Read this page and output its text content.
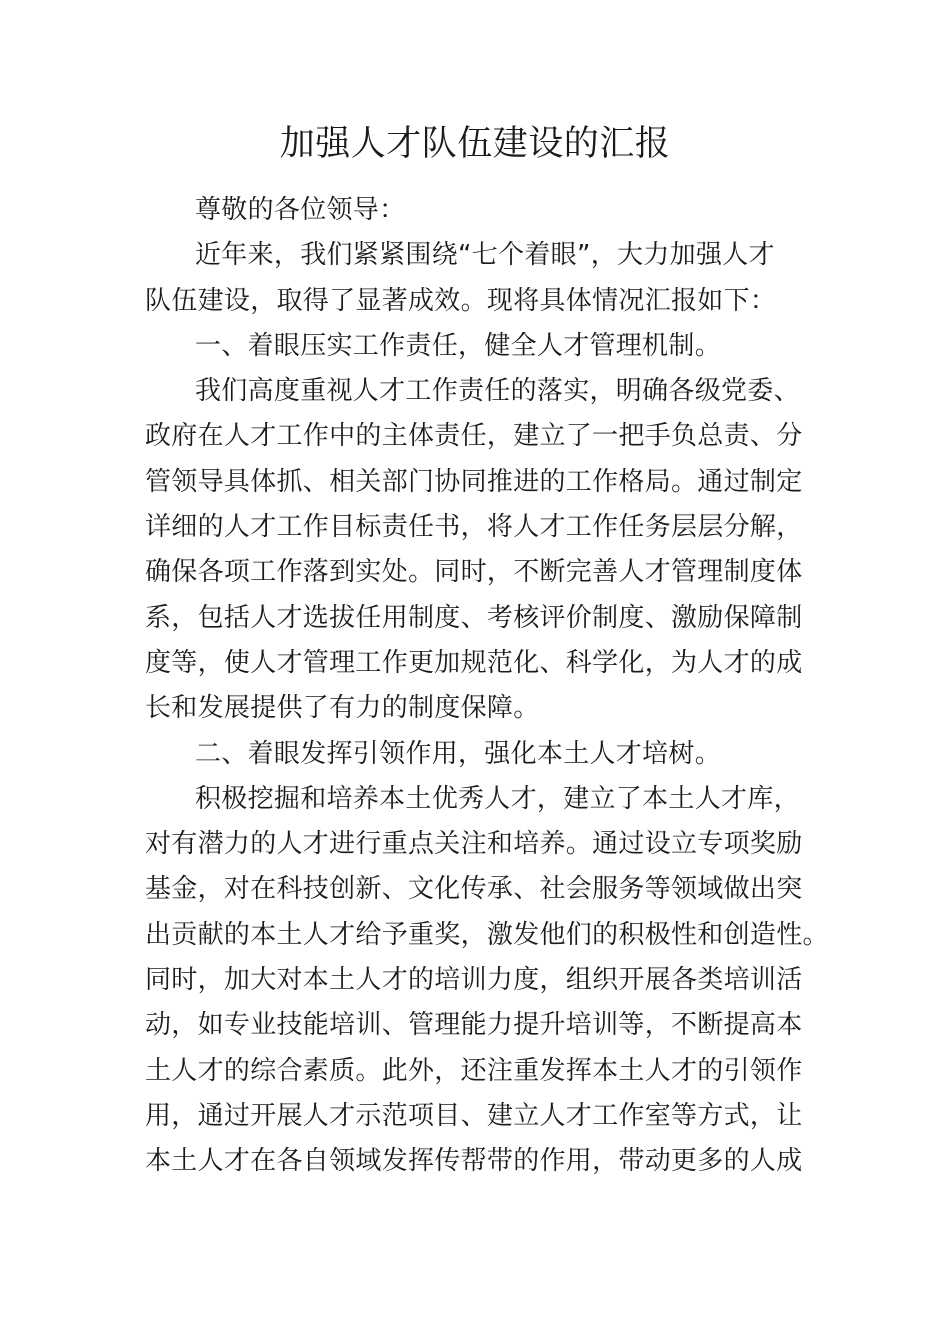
加强人才队伍建设的汇报
尊敬的各位领导：
近年来，我们紧紧围绕“七个着眼”，大力加强人才
队伍建设，取得了显著成效。现将具体情况汇报如下：
一、着眼压实工作责任，健全人才管理机制。
我们高度重视人才工作责任的落实，明确各级党委、
政府在人才工作中的主体责任，建立了一把手负总责、分
管领导具体抓、相关部门协同推进的工作格局。通过制定
详细的人才工作目标责任书，将人才工作任务层层分解，
确保各项工作落到实处。同时，不断完善人才管理制度体
系，包括人才选拔任用制度、考核评价制度、激励保障制
度等，使人才管理工作更加规范化、科学化，为人才的成
长和发展提供了有力的制度保障。
二、着眼发挥引领作用，强化本土人才培树。
积极挖掘和培养本土优秀人才，建立了本土人才库，
对有潜力的人才进行重点关注和培养。通过设立专项奖励
基金，对在科技创新、文化传承、社会服务等领域做出突
出贡献的本土人才给予重奖，激发他们的积极性和创造性。
同时，加大对本土人才的培训力度，组织开展各类培训活
动，如专业技能培训、管理能力提升培训等，不断提高本
土人才的综合素质。此外，还注重发挥本土人才的引领作
用，通过开展人才示范项目、建立人才工作室等方式，让
本土人才在各自领域发挥传帮带的作用，带动更多的人成
